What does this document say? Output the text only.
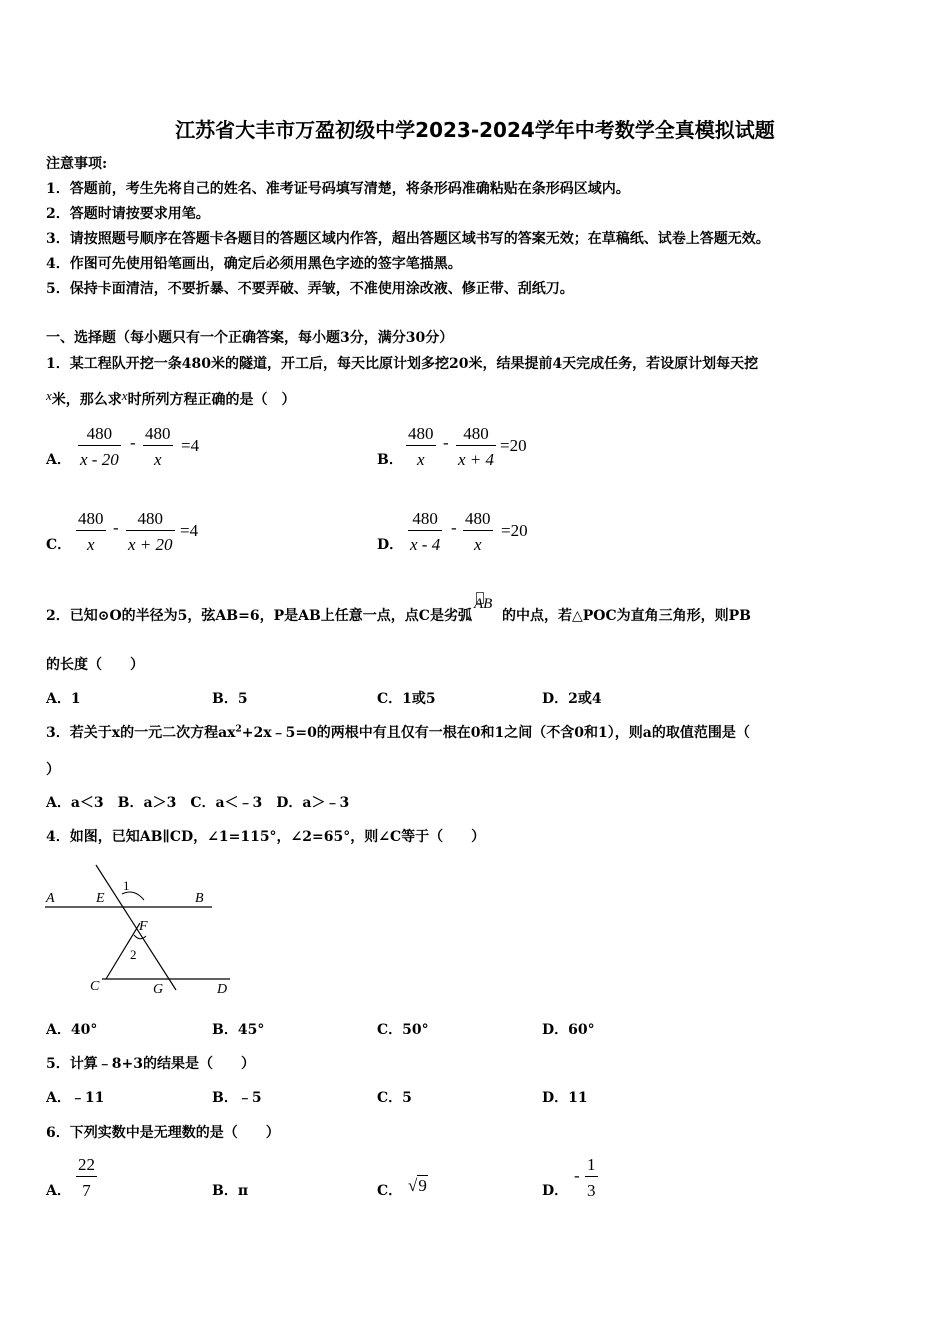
江苏省大丰市万盈初级中学2023-2024学年中考数学全真模拟试题
注意事项:
1．答题前，考生先将自己的姓名、准考证号码填写清楚，将条形码准确粘贴在条形码区域内。
2．答题时请按要求用笔。
3．请按照题号顺序在答题卡各题目的答题区域内作答，超出答题区域书写的答案无效；在草稿纸、试卷上答题无效。
4．作图可先使用铅笔画出，确定后必须用黑色字迹的签字笔描黑。
5．保持卡面清洁，不要折暴、不要弄破、弄皱，不准使用涂改液、修正带、刮纸刀。
一、选择题（每小题只有一个正确答案，每小题3分，满分30分）
1．某工程队开挖一条480米的隧道，开工后，每天比原计划多挖20米，结果提前4天完成任务，若设原计划每天挖
x米，那么求x时所列方程正确的是（　）
A． $\frac{480}{x - 20} - \frac{480}{x} =4$
B． $\frac{480}{x} - \frac{480}{x + 4} =20$
C． $\frac{480}{x} - \frac{480}{x + 20} =4$
D． $\frac{480}{x - 4} - \frac{480}{x} =20$
2．已知⊙O的半径为5，弦AB=6，P是AB上任意一点，点C是劣弧
AB
的中点，若△POC为直角三角形，则PB
的长度（　　）
A．1	B．5	C．1或5	D．2或4
3．若关于x的一元二次方程$ax^2+2x﹣5=0$的两根中有且仅有一根在0和1之间（不含0和1），则a的取值范围是（
）
A．a＜3　B．a＞3　C．a＜﹣3　D．a＞﹣3
4．如图，已知AB∥CD，∠1=115°，∠2=65°，则∠C等于（　　）
A	E	B
F
C	G	D
1
2
A．40°	B．45°	C．50°	D．60°
5．计算﹣8+3的结果是（　　）
A．﹣11	B．﹣5	C．5	D．11
6．下列实数中是无理数的是（　　）
A． $\frac{22}{7}$	B．π	C． √9	D．
- $\frac{1}{3}$
